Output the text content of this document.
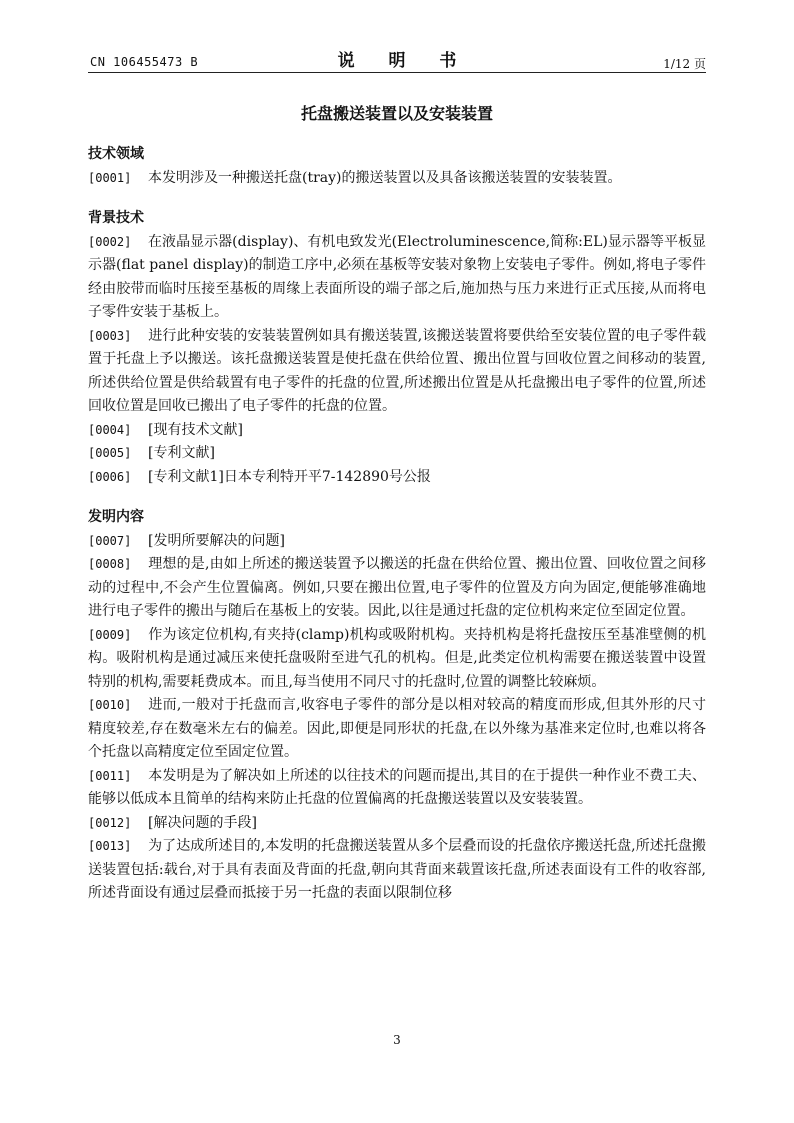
CN 106455473 B	说 明 书	1/12 页
托盘搬送装置以及安装装置
技术领域

[0001] 本发明涉及一种搬送托盘(tray)的搬送装置以及具备该搬送装置的安装装置。

背景技术

[0002] 在液晶显示器(display)、有机电致发光(Electroluminescence,简称:EL)显示器等平板显示器(flat panel display)的制造工序中,必须在基板等安装对象物上安装电子零件。例如,将电子零件经由胶带而临时压接至基板的周缘上表面所设的端子部之后,施加热与压力来进行正式压接,从而将电子零件安装于基板上。

[0003] 进行此种安装的安装装置例如具有搬送装置,该搬送装置将要供给至安装位置的电子零件载置于托盘上予以搬送。该托盘搬送装置是使托盘在供给位置、搬出位置与回收位置之间移动的装置,所述供给位置是供给载置有电子零件的托盘的位置,所述搬出位置是从托盘搬出电子零件的位置,所述回收位置是回收已搬出了电子零件的托盘的位置。

[0004] [现有技术文献]

[0005] [专利文献]

[0006] [专利文献1]日本专利特开平7-142890号公报

发明内容

[0007] [发明所要解决的问题]

[0008] 理想的是,由如上所述的搬送装置予以搬送的托盘在供给位置、搬出位置、回收位置之间移动的过程中,不会产生位置偏离。例如,只要在搬出位置,电子零件的位置及方向为固定,便能够准确地进行电子零件的搬出与随后在基板上的安装。因此,以往是通过托盘的定位机构来定位至固定位置。

[0009] 作为该定位机构,有夹持(clamp)机构或吸附机构。夹持机构是将托盘按压至基准壁侧的机构。吸附机构是通过减压来使托盘吸附至进气孔的机构。但是,此类定位机构需要在搬送装置中设置特别的机构,需要耗费成本。而且,每当使用不同尺寸的托盘时,位置的调整比较麻烦。

[0010] 进而,一般对于托盘而言,收容电子零件的部分是以相对较高的精度而形成,但其外形的尺寸精度较差,存在数毫米左右的偏差。因此,即便是同形状的托盘,在以外缘为基准来定位时,也难以将各个托盘以高精度定位至固定位置。

[0011] 本发明是为了解决如上所述的以往技术的问题而提出,其目的在于提供一种作业不费工夫、能够以低成本且简单的结构来防止托盘的位置偏离的托盘搬送装置以及安装装置。

[0012] [解决问题的手段]

[0013] 为了达成所述目的,本发明的托盘搬送装置从多个层叠而设的托盘依序搬送托盘,所述托盘搬送装置包括:载台,对于具有表面及背面的托盘,朝向其背面来载置该托盘,所述表面设有工件的收容部,所述背面设有通过层叠而抵接于另一托盘的表面以限制位移

3
